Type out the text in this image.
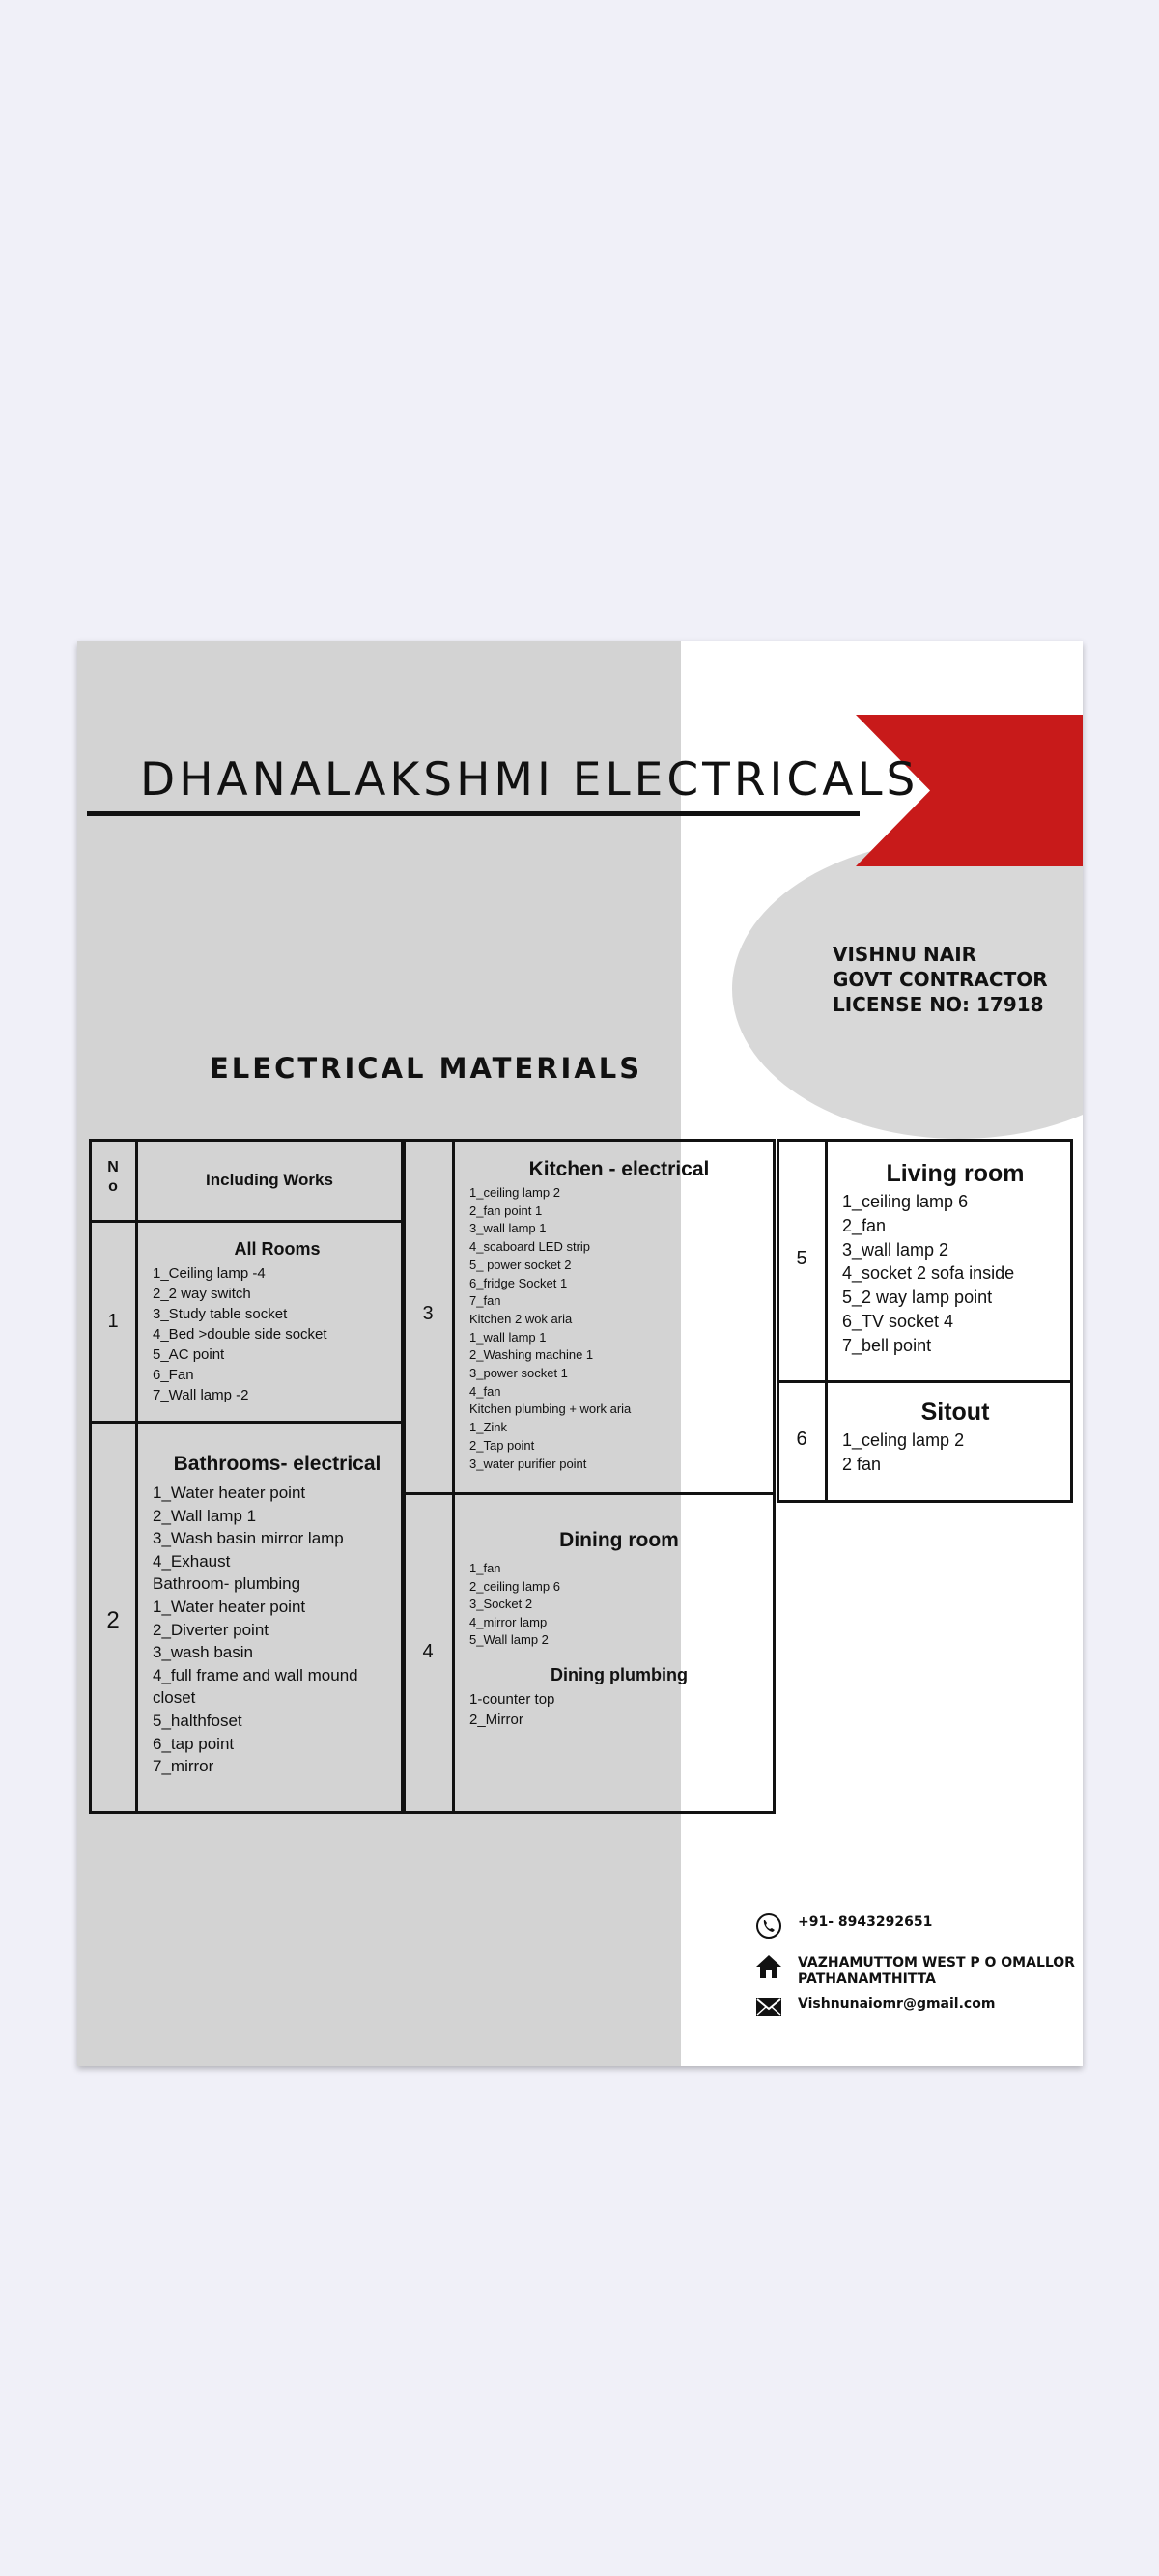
DHANALAKSHMI ELECTRICALS
VISHNU NAIR
GOVT CONTRACTOR
LICENSE NO: 17918
ELECTRICAL MATERIALS
N
o	Including Works
1
All Rooms
1_Ceiling lamp -4
2_2 way switch
3_Study table socket
4_Bed >double side socket
5_AC point
6_Fan
7_Wall lamp -2
2
Bathrooms- electrical
1_Water heater point
2_Wall lamp 1
3_Wash basin mirror lamp
4_Exhaust
Bathroom- plumbing
1_Water heater point
2_Diverter point
3_wash basin
4_full frame and wall mound
closet
5_halthfoset
6_tap point
7_mirror
3
Kitchen - electrical
1_ceiling lamp 2
2_fan point 1
3_wall lamp 1
4_scaboard LED strip
5_ power socket 2
6_fridge Socket 1
7_fan
Kitchen 2 wok aria
1_wall lamp 1
2_Washing machine 1
3_power socket 1
4_fan
Kitchen plumbing + work aria
1_Zink
2_Tap point
3_water purifier point
4
Dining room
1_fan
2_ceiling lamp 6
3_Socket 2
4_mirror lamp
5_Wall lamp 2
Dining plumbing
1-counter top
2_Mirror
5
Living room
1_ceiling lamp 6
2_fan
3_wall lamp 2
4_socket 2 sofa inside
5_2 way lamp point
6_TV socket 4
7_bell point
6
Sitout
1_celing lamp 2
2 fan
+91- 8943292651
VAZHAMUTTOM WEST P O OMALLOR
PATHANAMTHITTA
Vishnunaiomr@gmail.com
